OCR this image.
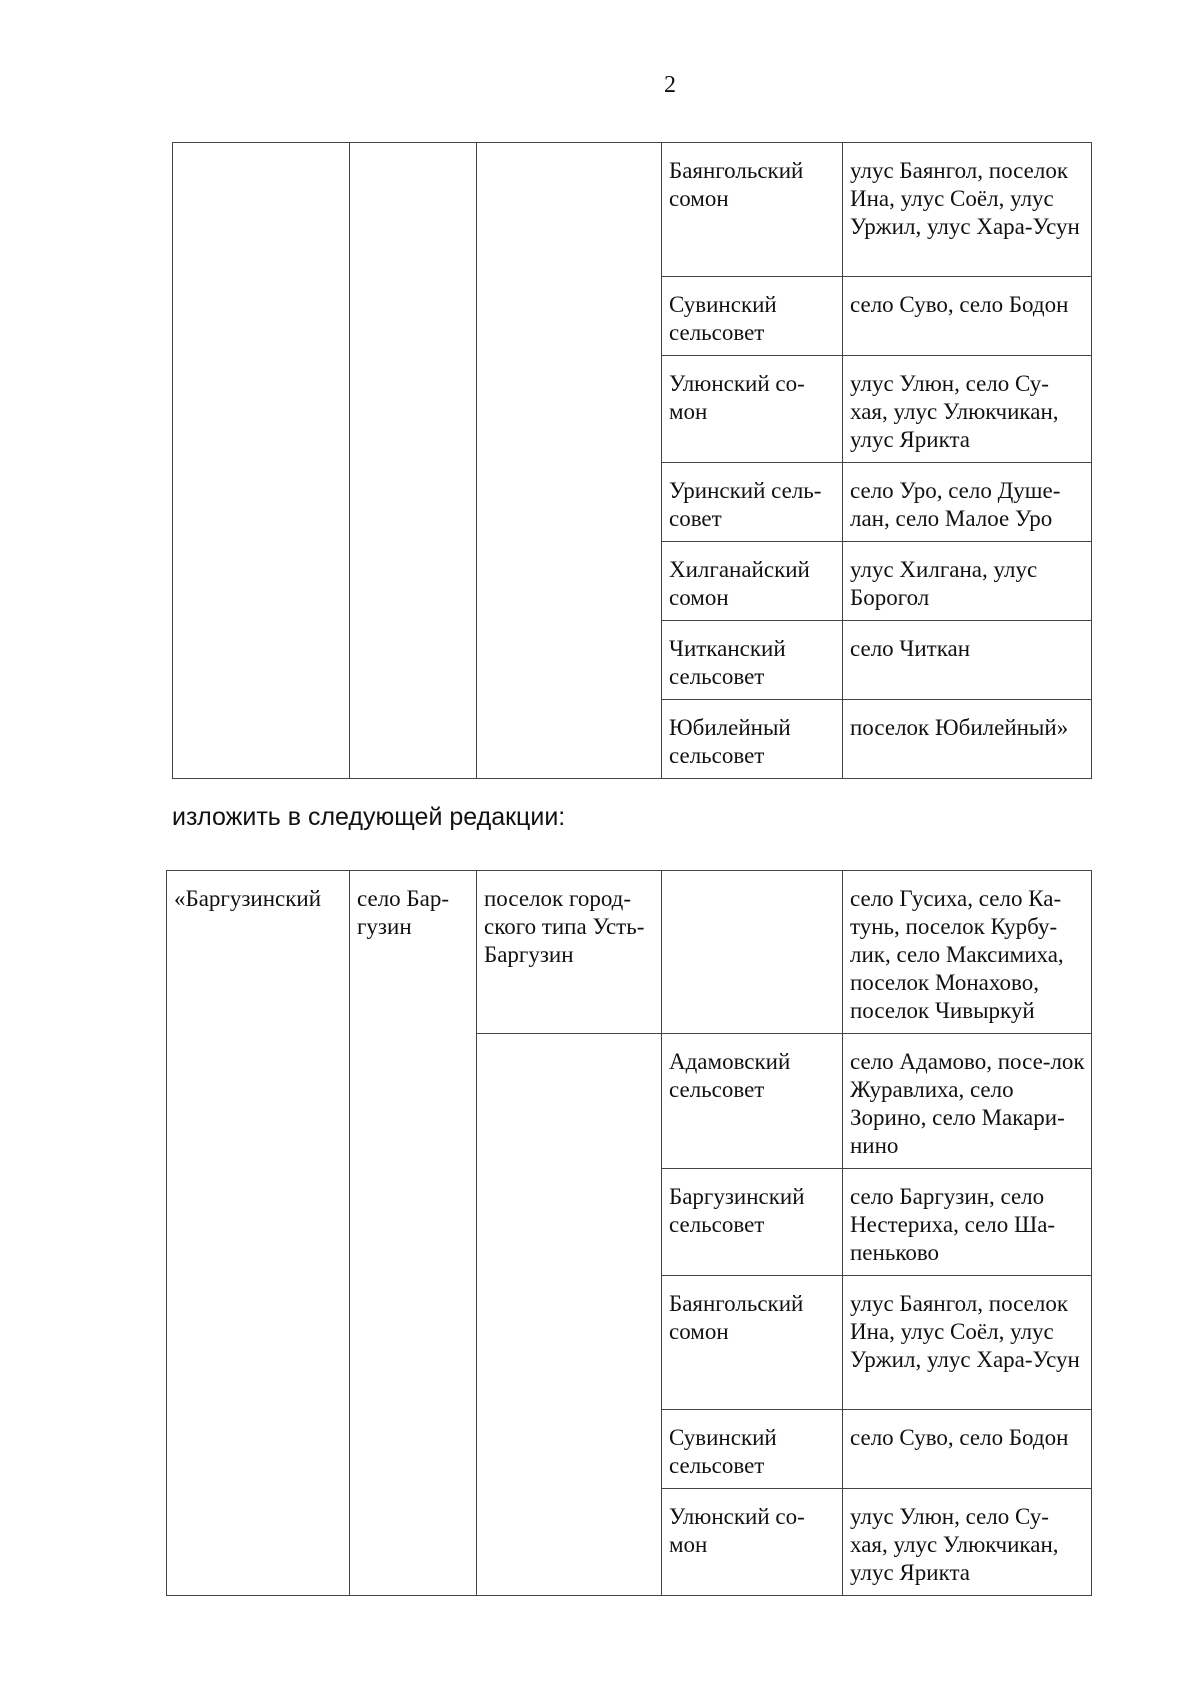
2
			Баянгольский сомон	улус Баянгол, поселок Ина, улус Соёл, улус Уржил, улус Хара-Усун
			Сувинский сельсовет	село Суво, село Бодон
			Улюнский со-мон	улус Улюн, село Су-хая, улус Улюкчикан, улус Ярикта
			Уринский сель-совет	село Уро, село Душе-лан, село Малое Уро
			Хилганайский сомон	улус Хилгана, улус Борогол
			Читканский сельсовет	село Читкан
			Юбилейный сельсовет	поселок Юбилейный»
изложить в следующей редакции:
«Баргузинский	село Бар-гузин	поселок город-ского типа Усть-Баргузин		село Гусиха, село Ка-тунь, поселок Курбу-лик, село Максимиха, поселок Монахово, поселок Чивыркуй
			Адамовский сельсовет	село Адамово, посе-лок Журавлиха, село Зорино, село Макари-нино
			Баргузинский сельсовет	село Баргузин, село Нестериха, село Ша-пеньково
			Баянгольский сомон	улус Баянгол, поселок Ина, улус Соёл, улус Уржил, улус Хара-Усун
			Сувинский сельсовет	село Суво, село Бодон
			Улюнский со-мон	улус Улюн, село Су-хая, улус Улюкчикан, улус Ярикта
